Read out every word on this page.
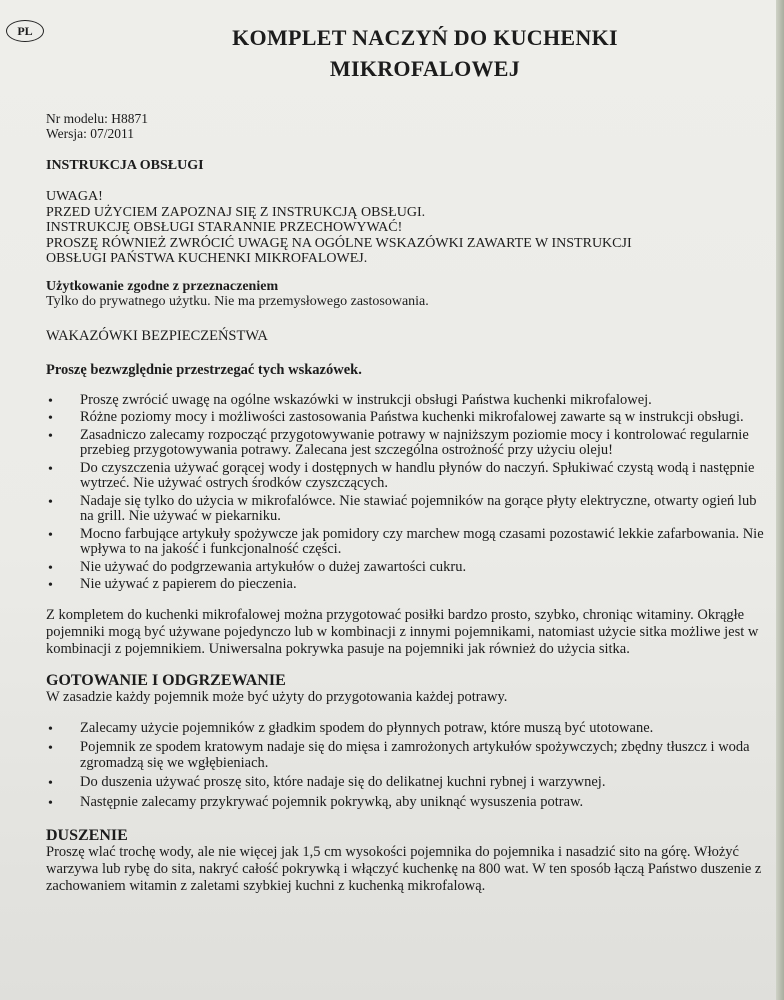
PL	KOMPLET NACZYŃ DO KUCHENKI
MIKROFALOWEJ
Nr modelu: H8871
Wersja: 07/2011
INSTRUKCJA OBSŁUGI
UWAGA!
PRZED UŻYCIEM ZAPOZNAJ SIĘ Z INSTRUKCJĄ OBSŁUGI.
INSTRUKCJĘ OBSŁUGI STARANNIE PRZECHOWYWAĆ!
PROSZĘ RÓWNIEŻ ZWRÓCIĆ UWAGĘ NA OGÓLNE WSKAZÓWKI ZAWARTE W INSTRUKCJI
OBSŁUGI PAŃSTWA KUCHENKI MIKROFALOWEJ.
Użytkowanie zgodne z przeznaczeniem
Tylko do prywatnego użytku. Nie ma przemysłowego zastosowania.
WAKAZÓWKI BEZPIECZEŃSTWA
Proszę bezwzględnie przestrzegać tych wskazówek.
• Proszę zwrócić uwagę na ogólne wskazówki w instrukcji obsługi Państwa kuchenki mikrofalowej.
• Różne poziomy mocy i możliwości zastosowania Państwa kuchenki mikrofalowej zawarte są w instrukcji obsługi.
• Zasadniczo zalecamy rozpocząć przygotowywanie potrawy w najniższym poziomie mocy i kontrolować regularnie przebieg przygotowywania potrawy. Zalecana jest szczególna ostrożność przy użyciu oleju!
• Do czyszczenia używać gorącej wody i dostępnych w handlu płynów do naczyń. Spłukiwać czystą wodą i następnie wytrzeć. Nie używać ostrych środków czyszczących.
• Nadaje się tylko do użycia w mikrofalówce. Nie stawiać pojemników na gorące płyty elektryczne, otwarty ogień lub na grill. Nie używać w piekarniku.
• Mocno farbujące artykuły spożywcze jak pomidory czy marchew mogą czasami pozostawić lekkie zafarbowania. Nie wpływa to na jakość i funkcjonalność części.
• Nie używać do podgrzewania artykułów o dużej zawartości cukru.
• Nie używać z papierem do pieczenia.
Z kompletem do kuchenki mikrofalowej można przygotować posiłki bardzo prosto, szybko, chroniąc witaminy. Okrągłe pojemniki mogą być używane pojedynczo lub w kombinacji z innymi pojemnikami, natomiast użycie sitka możliwe jest w kombinacji z pojemnikiem. Uniwersalna pokrywka pasuje na pojemniki jak również do użycia sitka.
GOTOWANIE I ODGRZEWANIE
W zasadzie każdy pojemnik może być użyty do przygotowania każdej potrawy.
• Zalecamy użycie pojemników z gładkim spodem do płynnych potraw, które muszą być utotowane.
• Pojemnik ze spodem kratowym nadaje się do mięsa i zamrożonych artykułów spożywczych; zbędny tłuszcz i woda zgromadzą się we wgłębieniach.
• Do duszenia używać proszę sito, które nadaje się do delikatnej kuchni rybnej i warzywnej.
• Następnie zalecamy przykrywać pojemnik pokrywką, aby uniknąć wysuszenia potraw.
DUSZENIE
Proszę wlać trochę wody, ale nie więcej jak 1,5 cm wysokości pojemnika do pojemnika i nasadzić sito na górę. Włożyć warzywa lub rybę do sita, nakryć całość pokrywką i włączyć kuchenkę na 800 wat. W ten sposób łączą Państwo duszenie z zachowaniem witamin z zaletami szybkiej kuchni z kuchenką mikrofalową.
